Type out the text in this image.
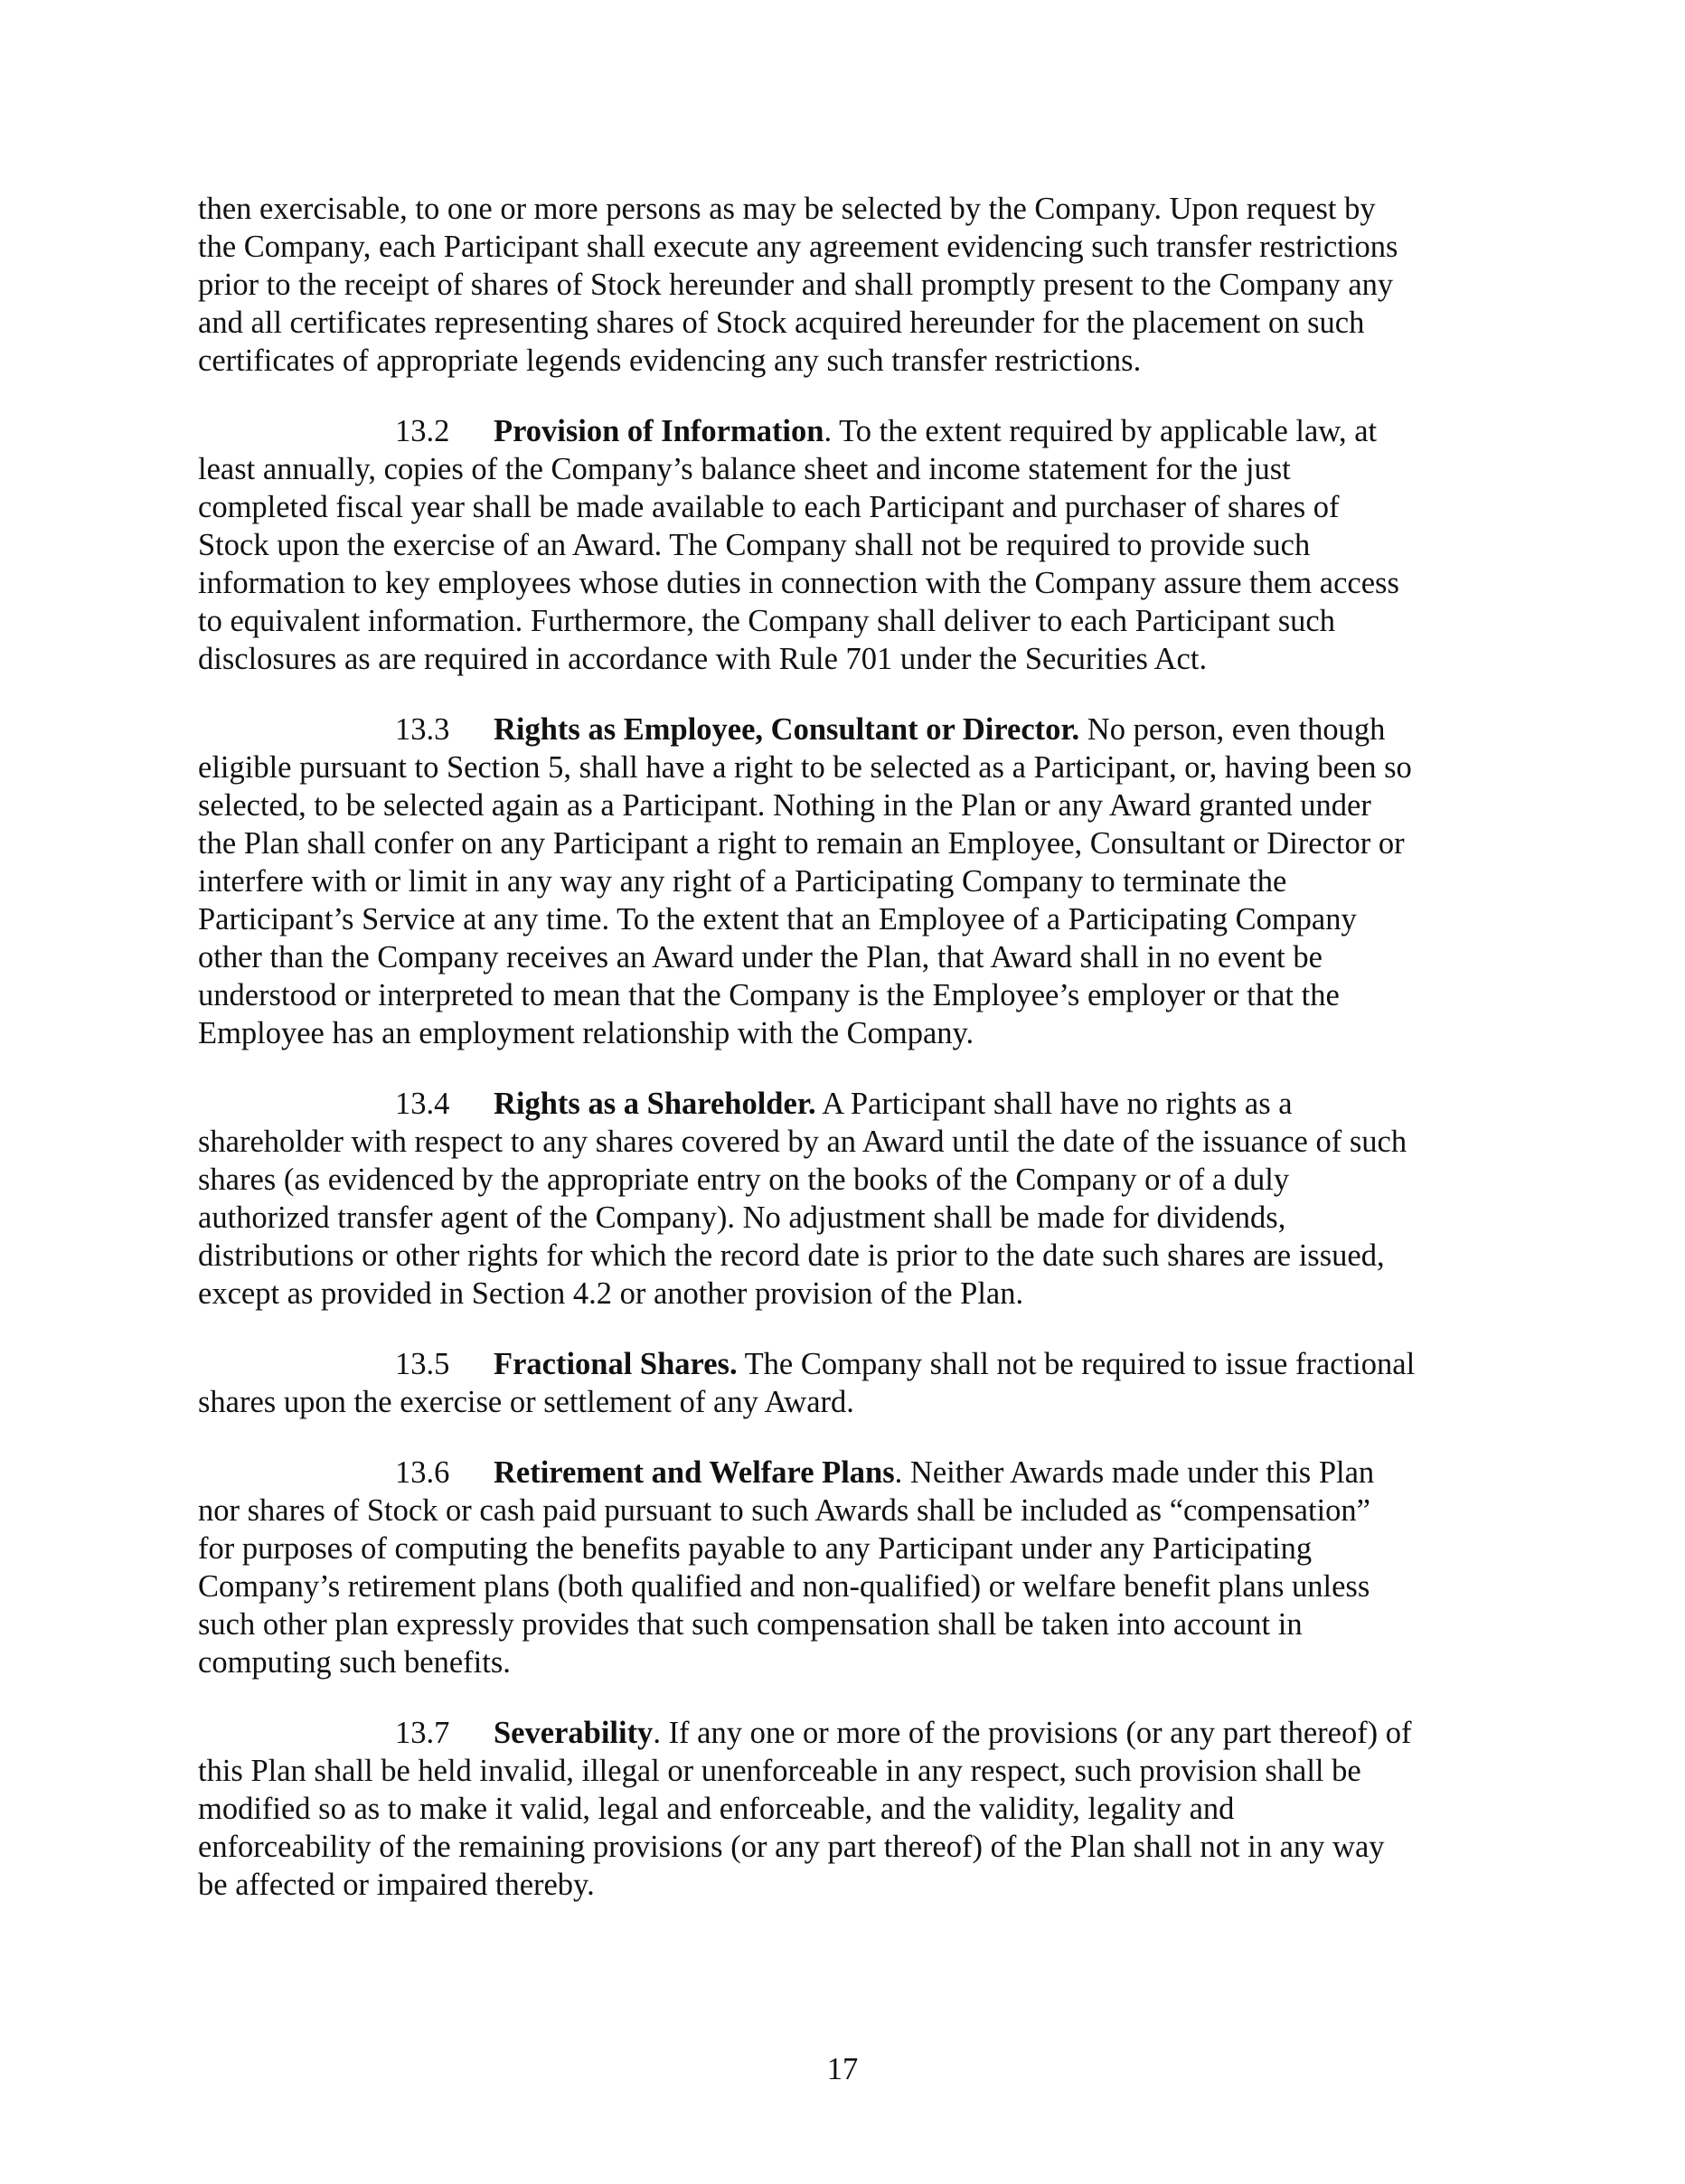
then exercisable, to one or more persons as may be selected by the Company. Upon request by
the Company, each Participant shall execute any agreement evidencing such transfer restrictions
prior to the receipt of shares of Stock hereunder and shall promptly present to the Company any
and all certificates representing shares of Stock acquired hereunder for the placement on such
certificates of appropriate legends evidencing any such transfer restrictions.

13.2 Provision of Information. To the extent required by applicable law, at
least annually, copies of the Company’s balance sheet and income statement for the just
completed fiscal year shall be made available to each Participant and purchaser of shares of
Stock upon the exercise of an Award. The Company shall not be required to provide such
information to key employees whose duties in connection with the Company assure them access
to equivalent information. Furthermore, the Company shall deliver to each Participant such
disclosures as are required in accordance with Rule 701 under the Securities Act.

13.3 Rights as Employee, Consultant or Director. No person, even though
eligible pursuant to Section 5, shall have a right to be selected as a Participant, or, having been so
selected, to be selected again as a Participant. Nothing in the Plan or any Award granted under
the Plan shall confer on any Participant a right to remain an Employee, Consultant or Director or
interfere with or limit in any way any right of a Participating Company to terminate the
Participant’s Service at any time. To the extent that an Employee of a Participating Company
other than the Company receives an Award under the Plan, that Award shall in no event be
understood or interpreted to mean that the Company is the Employee’s employer or that the
Employee has an employment relationship with the Company.

13.4 Rights as a Shareholder. A Participant shall have no rights as a
shareholder with respect to any shares covered by an Award until the date of the issuance of such
shares (as evidenced by the appropriate entry on the books of the Company or of a duly
authorized transfer agent of the Company). No adjustment shall be made for dividends,
distributions or other rights for which the record date is prior to the date such shares are issued,
except as provided in Section 4.2 or another provision of the Plan.

13.5 Fractional Shares. The Company shall not be required to issue fractional
shares upon the exercise or settlement of any Award.

13.6 Retirement and Welfare Plans. Neither Awards made under this Plan
nor shares of Stock or cash paid pursuant to such Awards shall be included as “compensation”
for purposes of computing the benefits payable to any Participant under any Participating
Company’s retirement plans (both qualified and non-qualified) or welfare benefit plans unless
such other plan expressly provides that such compensation shall be taken into account in
computing such benefits.

13.7 Severability. If any one or more of the provisions (or any part thereof) of
this Plan shall be held invalid, illegal or unenforceable in any respect, such provision shall be
modified so as to make it valid, legal and enforceable, and the validity, legality and
enforceability of the remaining provisions (or any part thereof) of the Plan shall not in any way
be affected or impaired thereby.

17
